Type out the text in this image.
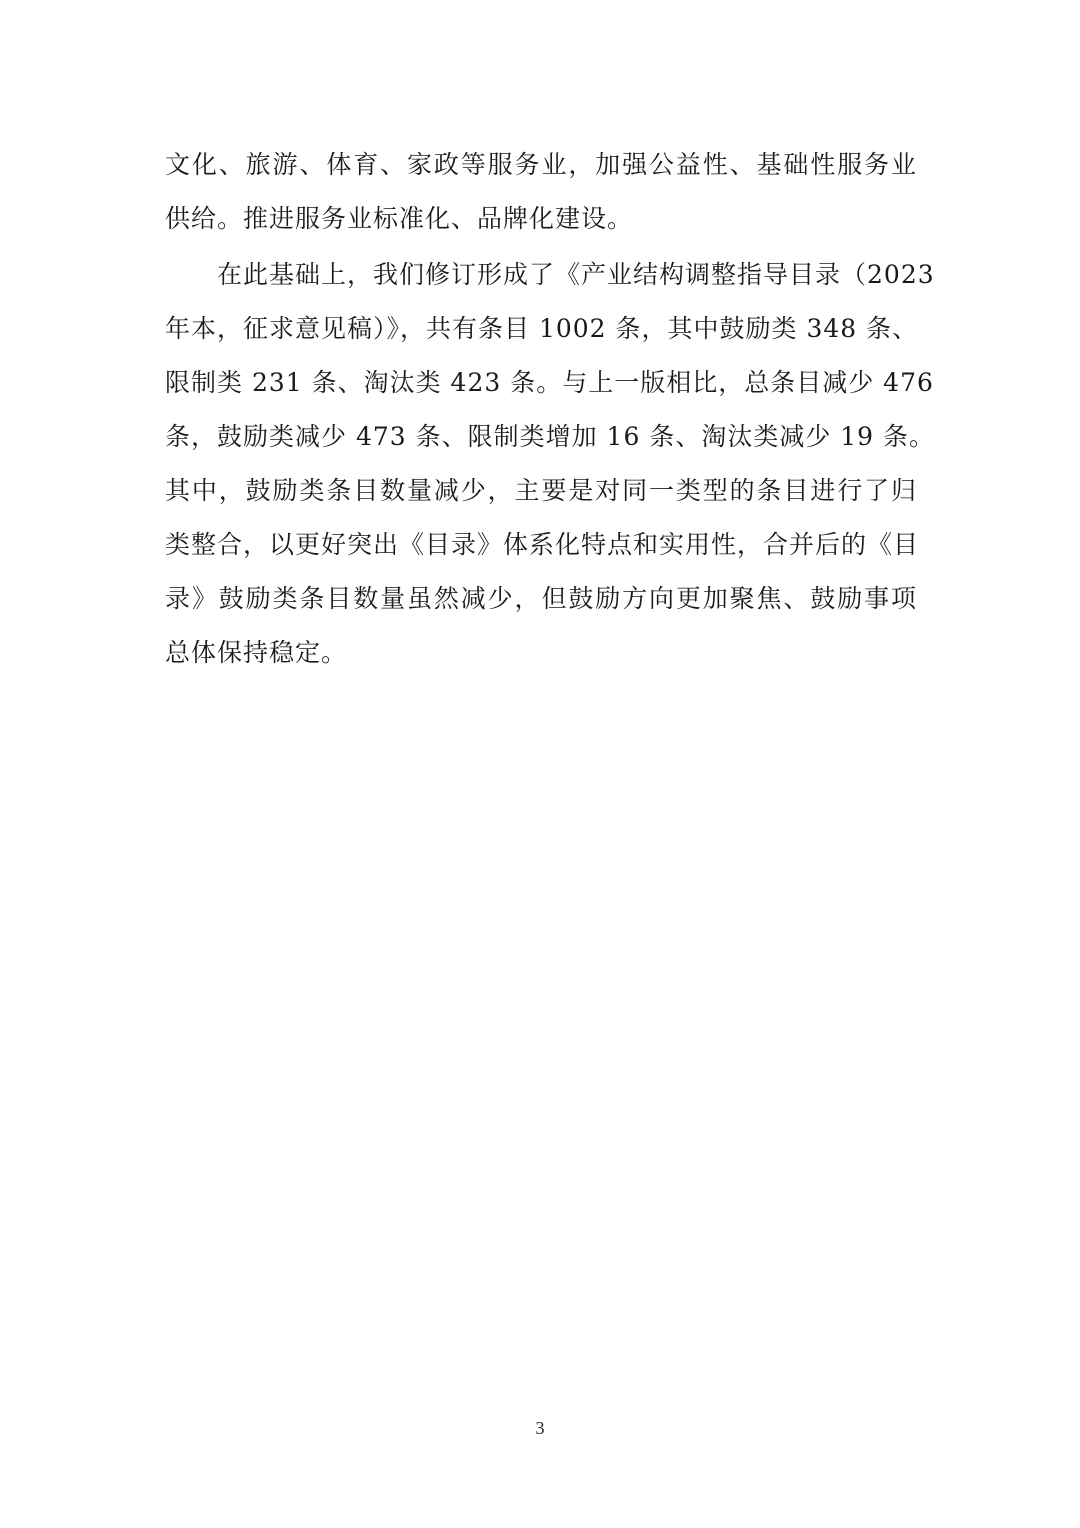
文化、旅游、体育、家政等服务业，加强公益性、基础性服务业
供给。推进服务业标准化、品牌化建设。
　　在此基础上，我们修订形成了《产业结构调整指导目录（2023
年本，征求意见稿）》，共有条目 1002 条，其中鼓励类 348 条、
限制类 231 条、淘汰类 423 条。与上一版相比，总条目减少 476
条，鼓励类减少 473 条、限制类增加 16 条、淘汰类减少 19 条。
其中，鼓励类条目数量减少，主要是对同一类型的条目进行了归
类整合，以更好突出《目录》体系化特点和实用性，合并后的《目
录》鼓励类条目数量虽然减少，但鼓励方向更加聚焦、鼓励事项
总体保持稳定。
3
